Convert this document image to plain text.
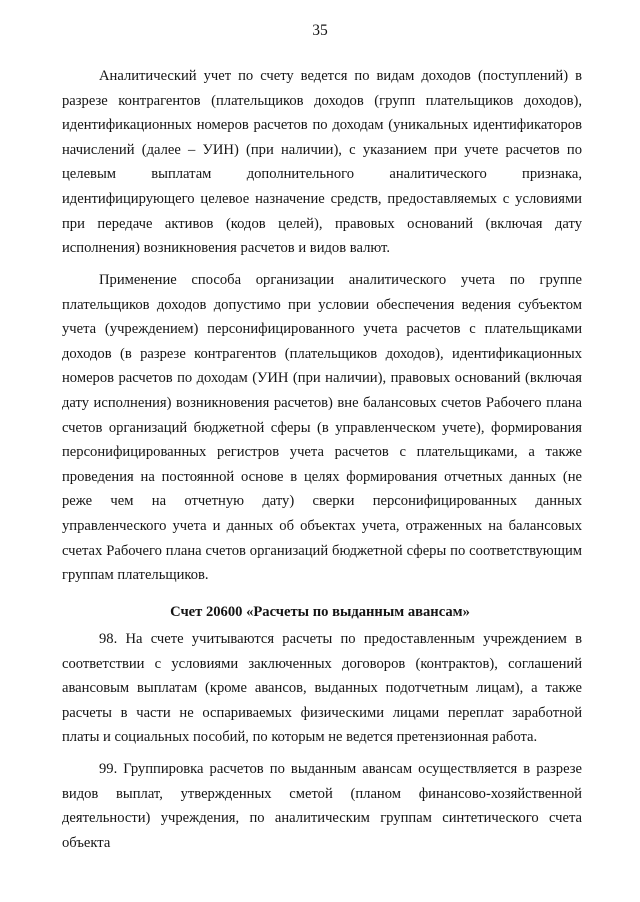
35

Аналитический учет по счету ведется по видам доходов (поступлений) в разрезе контрагентов (плательщиков доходов (групп плательщиков доходов), идентификационных номеров расчетов по доходам (уникальных идентификаторов начислений (далее – УИН) (при наличии), с указанием при учете расчетов по целевым выплатам дополнительного аналитического признака, идентифицирующего целевое назначение средств, предоставляемых с условиями при передаче активов (кодов целей), правовых оснований (включая дату исполнения) возникновения расчетов и видов валют.

Применение способа организации аналитического учета по группе плательщиков доходов допустимо при условии обеспечения ведения субъектом учета (учреждением) персонифицированного учета расчетов с плательщиками доходов (в разрезе контрагентов (плательщиков доходов), идентификационных номеров расчетов по доходам (УИН (при наличии), правовых оснований (включая дату исполнения) возникновения расчетов) вне балансовых счетов Рабочего плана счетов организаций бюджетной сферы (в управленческом учете), формирования персонифицированных регистров учета расчетов с плательщиками, а также проведения на постоянной основе в целях формирования отчетных данных (не реже чем на отчетную дату) сверки персонифицированных данных управленческого учета и данных об объектах учета, отраженных на балансовых счетах Рабочего плана счетов организаций бюджетной сферы по соответствующим группам плательщиков.

Счет 20600 «Расчеты по выданным авансам»

98. На счете учитываются расчеты по предоставленным учреждением в соответствии с условиями заключенных договоров (контрактов), соглашений авансовым выплатам (кроме авансов, выданных подотчетным лицам), а также расчеты в части не оспариваемых физическими лицами переплат заработной платы и социальных пособий, по которым не ведется претензионная работа.

99. Группировка расчетов по выданным авансам осуществляется в разрезе видов выплат, утвержденных сметой (планом финансово-хозяйственной деятельности) учреждения, по аналитическим группам синтетического счета объекта
